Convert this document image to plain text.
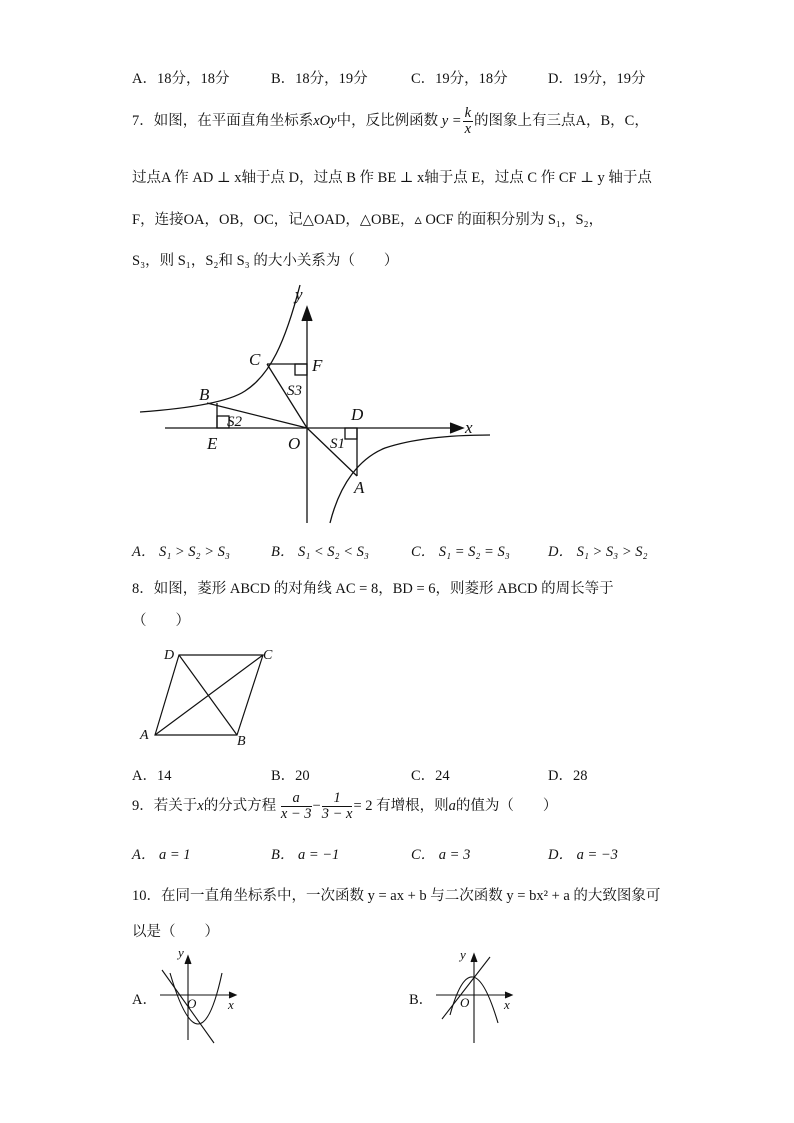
A．18分，18分	B．18分，19分	C．19分，18分	D．19分，19分
7．如图，在平面直角坐标系xOy中，反比例函数 $y = \frac{k}{x}$ 的图象上有三点A，B，C，
过点A 作 AD ⊥ x轴于点 D，过点 B 作 BE ⊥ x轴于点 E，过点 C 作 CF ⊥ y 轴于点
F，连接OA，OB，OC，记△OAD，△OBE，▵ OCF 的面积分别为 S₁，S₂，
S₃，则 S₁，S₂和 S₃ 的大小关系为（　　）
y
x
C	F
B
D
E	O
A
S3
S2
S1
A． S₁ > S₂ > S₃	B． S₁ < S₂ < S₃	C． S₁ = S₂ = S₃	D． S₁ > S₃ > S₂
8．如图，菱形 ABCD 的对角线 AC = 8，BD = 6，则菱形 ABCD 的周长等于
（　　）
D	C
A	B
A．14	B．20	C．24	D．28
9．若关于x的分式方程 $\frac{a}{x - 3} - \frac{1}{3 - x} = 2$ 有增根，则a的值为（　　）
A． a = 1	B． a = −1	C． a = 3	D． a = −3
10．在同一直角坐标系中，一次函数 y = ax + b 与二次函数 y = bx² + a 的大致图象可
以是（　　）
A．
y
O x	B．
y
O	x
